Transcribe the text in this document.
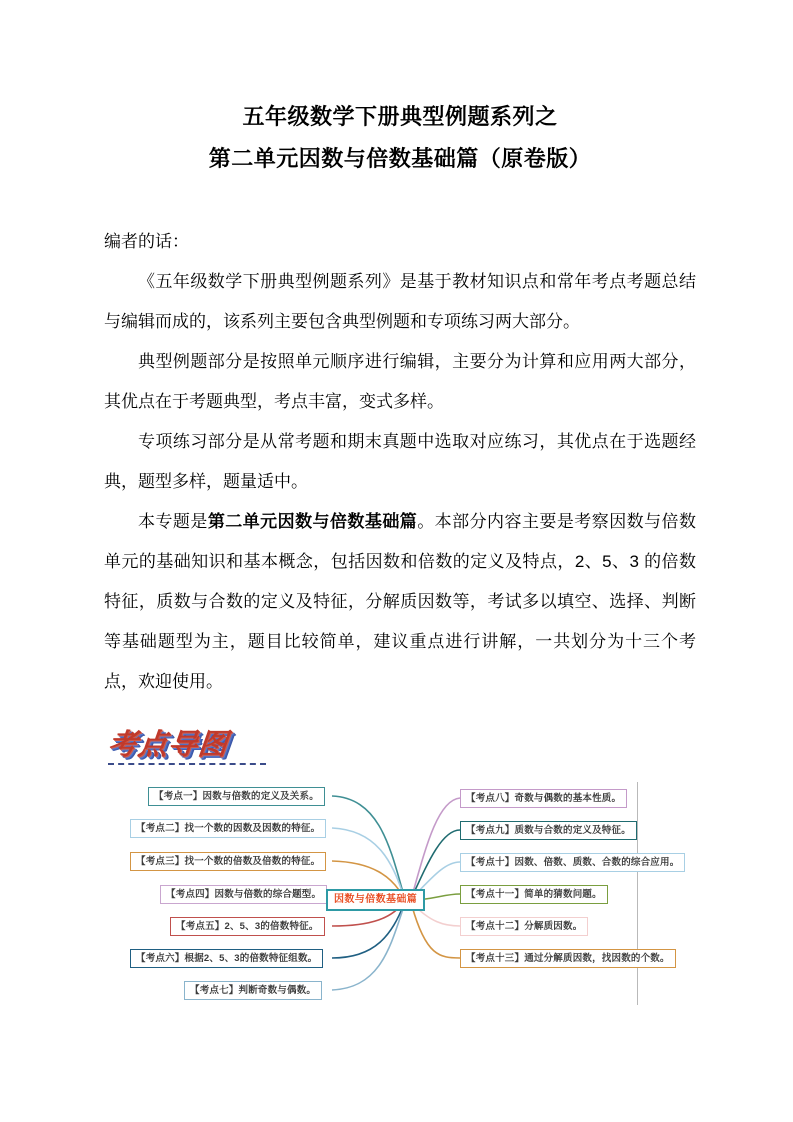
五年级数学下册典型例题系列之
第二单元因数与倍数基础篇（原卷版）
编者的话：

《五年级数学下册典型例题系列》是基于教材知识点和常年考点考题总结与编辑而成的，该系列主要包含典型例题和专项练习两大部分。

典型例题部分是按照单元顺序进行编辑，主要分为计算和应用两大部分，其优点在于考题典型，考点丰富，变式多样。

专项练习部分是从常考题和期末真题中选取对应练习，其优点在于选题经典，题型多样，题量适中。

本专题是第二单元因数与倍数基础篇。本部分内容主要是考察因数与倍数单元的基础知识和基本概念，包括因数和倍数的定义及特点，2、5、3 的倍数特征，质数与合数的定义及特征，分解质因数等，考试多以填空、选择、判断等基础题型为主，题目比较简单，建议重点进行讲解，一共划分为十三个考点，欢迎使用。

考点导图
因数与倍数基础篇
【考点一】因数与倍数的定义及关系。
【考点二】找一个数的因数及因数的特征。
【考点三】找一个数的倍数及倍数的特征。
【考点四】因数与倍数的综合题型。
【考点五】2、5、3的倍数特征。
【考点六】根据2、5、3的倍数特征组数。
【考点七】判断奇数与偶数。
【考点八】奇数与偶数的基本性质。
【考点九】质数与合数的定义及特征。
【考点十】因数、倍数、质数、合数的综合应用。
【考点十一】简单的猜数问题。
【考点十二】分解质因数。
【考点十三】通过分解质因数，找因数的个数。
